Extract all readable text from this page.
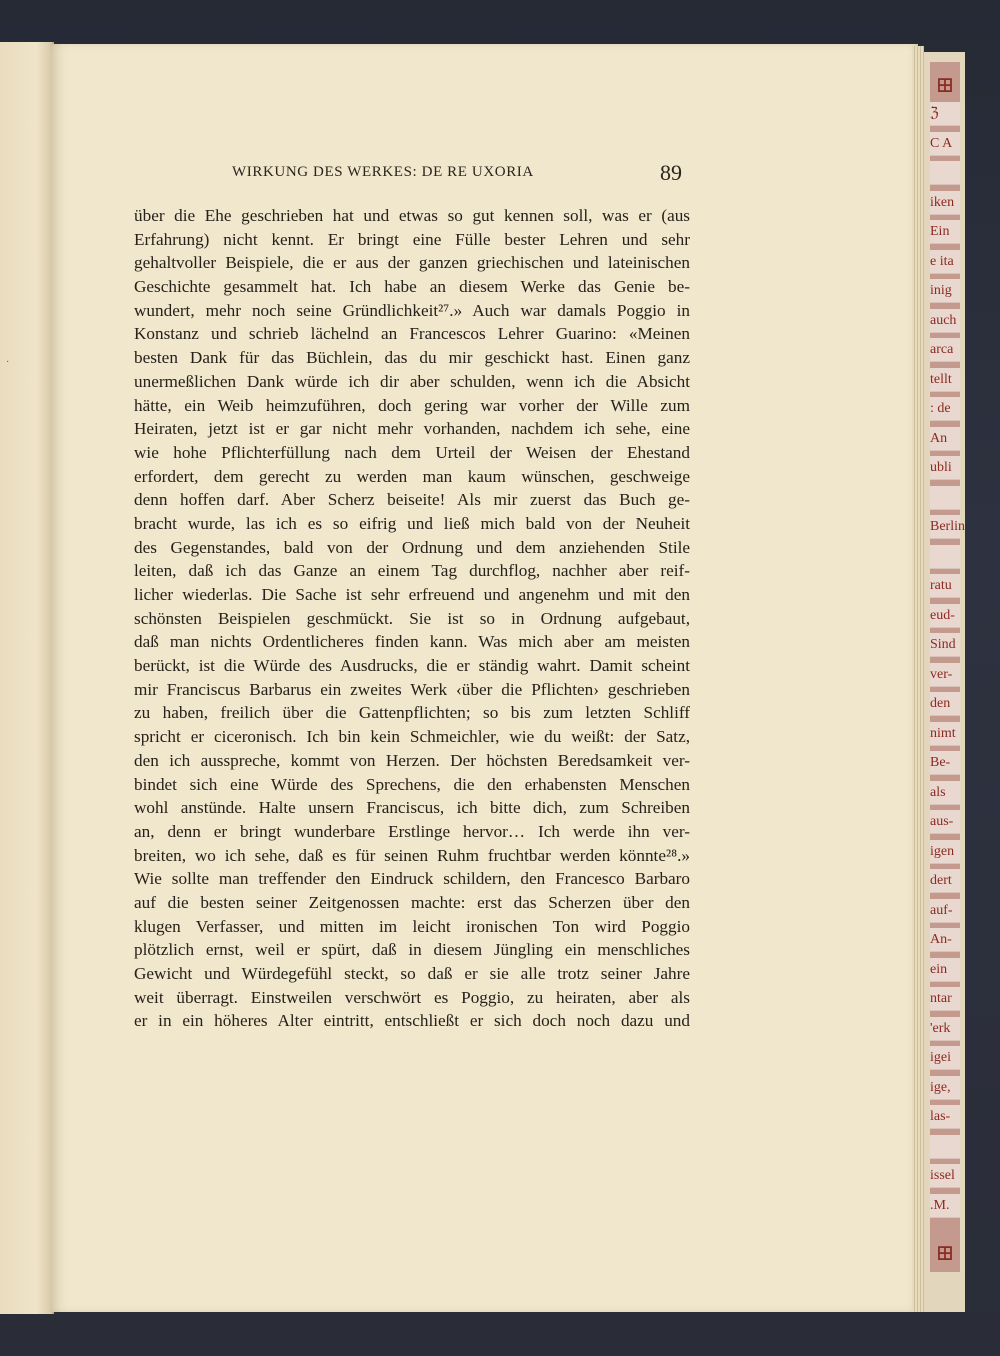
ℨ
C A
iken
Ein
e ita
inig
auch
arca
tellt
: de
An
ubli
Berlin
ratu
eud-
Sind
ver-
den
nimt
Be-
als
aus-
igen
dert
auf-
An-
ein
ntar
'erk
igei
ige,
las-
issel
.M.
⊞
⊞
WIRKUNG DES WERKES: DE RE UXORIA	89
über die Ehe geschrieben hat und etwas so gut kennen soll, was er (aus
Erfahrung) nicht kennt. Er bringt eine Fülle bester Lehren und sehr
gehaltvoller Beispiele, die er aus der ganzen griechischen und lateinischen
Geschichte gesammelt hat. Ich habe an diesem Werke das Genie be-
wundert, mehr noch seine Gründlichkeit²⁷.» Auch war damals Poggio in
Konstanz und schrieb lächelnd an Francescos Lehrer Guarino: «Meinen
besten Dank für das Büchlein, das du mir geschickt hast. Einen ganz
unermeßlichen Dank würde ich dir aber schulden, wenn ich die Absicht
hätte, ein Weib heimzuführen, doch gering war vorher der Wille zum
Heiraten, jetzt ist er gar nicht mehr vorhanden, nachdem ich sehe, eine
wie hohe Pflichterfüllung nach dem Urteil der Weisen der Ehestand
erfordert, dem gerecht zu werden man kaum wünschen, geschweige
denn hoffen darf. Aber Scherz beiseite! Als mir zuerst das Buch ge-
bracht wurde, las ich es so eifrig und ließ mich bald von der Neuheit
des Gegenstandes, bald von der Ordnung und dem anziehenden Stile
leiten, daß ich das Ganze an einem Tag durchflog, nachher aber reif-
licher wiederlas. Die Sache ist sehr erfreuend und angenehm und mit den
schönsten Beispielen geschmückt. Sie ist so in Ordnung aufgebaut,
daß man nichts Ordentlicheres finden kann. Was mich aber am meisten
berückt, ist die Würde des Ausdrucks, die er ständig wahrt. Damit scheint
mir Franciscus Barbarus ein zweites Werk ‹über die Pflichten› geschrieben
zu haben, freilich über die Gattenpflichten; so bis zum letzten Schliff
spricht er ciceronisch. Ich bin kein Schmeichler, wie du weißt: der Satz,
den ich ausspreche, kommt von Herzen. Der höchsten Beredsamkeit ver-
bindet sich eine Würde des Sprechens, die den erhabensten Menschen
wohl anstünde. Halte unsern Franciscus, ich bitte dich, zum Schreiben
an, denn er bringt wunderbare Erstlinge hervor… Ich werde ihn ver-
breiten, wo ich sehe, daß es für seinen Ruhm fruchtbar werden könnte²⁸.»
Wie sollte man treffender den Eindruck schildern, den Francesco Barbaro
auf die besten seiner Zeitgenossen machte: erst das Scherzen über den
klugen Verfasser, und mitten im leicht ironischen Ton wird Poggio
plötzlich ernst, weil er spürt, daß in diesem Jüngling ein menschliches
Gewicht und Würdegefühl steckt, so daß er sie alle trotz seiner Jahre
weit überragt. Einstweilen verschwört es Poggio, zu heiraten, aber als
er in ein höheres Alter eintritt, entschließt er sich doch noch dazu und
